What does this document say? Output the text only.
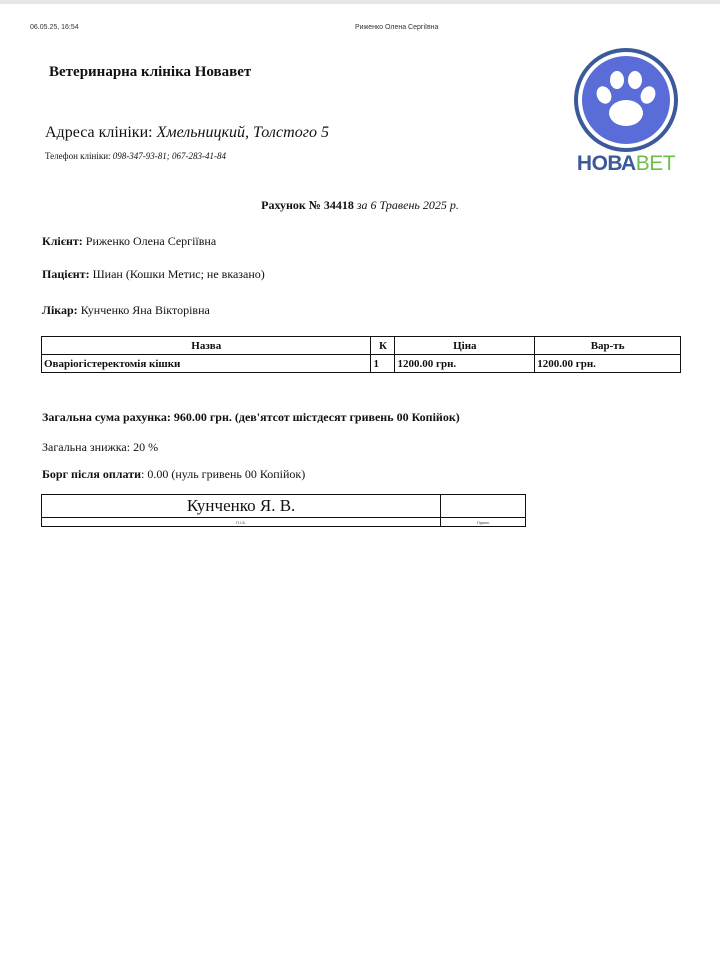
06.05.25, 16:54	Риженко Олена Сергіївна
Ветеринарна клініка Новавет
Адреса клініки: Хмельницкий, Толстого 5
Телефон клініки: 098-347-93-81; 067-283-41-84	НОВАВЕТ
Рахунок № 34418 за 6 Травень 2025 р.
Клієнт: Риженко Олена Сергіївна
Пацієнт: Шиан (Кошки Метис; не вказано)
Лікар: Кунченко Яна Вікторівна
Назва	К	Ціна	Вар-ть
Оваріогістеректомія кішки	1	1200.00 грн.	1200.00 грн.
Загальна сума рахунка: 960.00 грн. (дев'ятсот шістдесят гривень 00 Копійок)
Загальна знижка: 20 %
Борг після оплати: 0.00 (нуль гривень 00 Копійок)
Кунченко Я. В.	
П.І.Б.	Підпис
